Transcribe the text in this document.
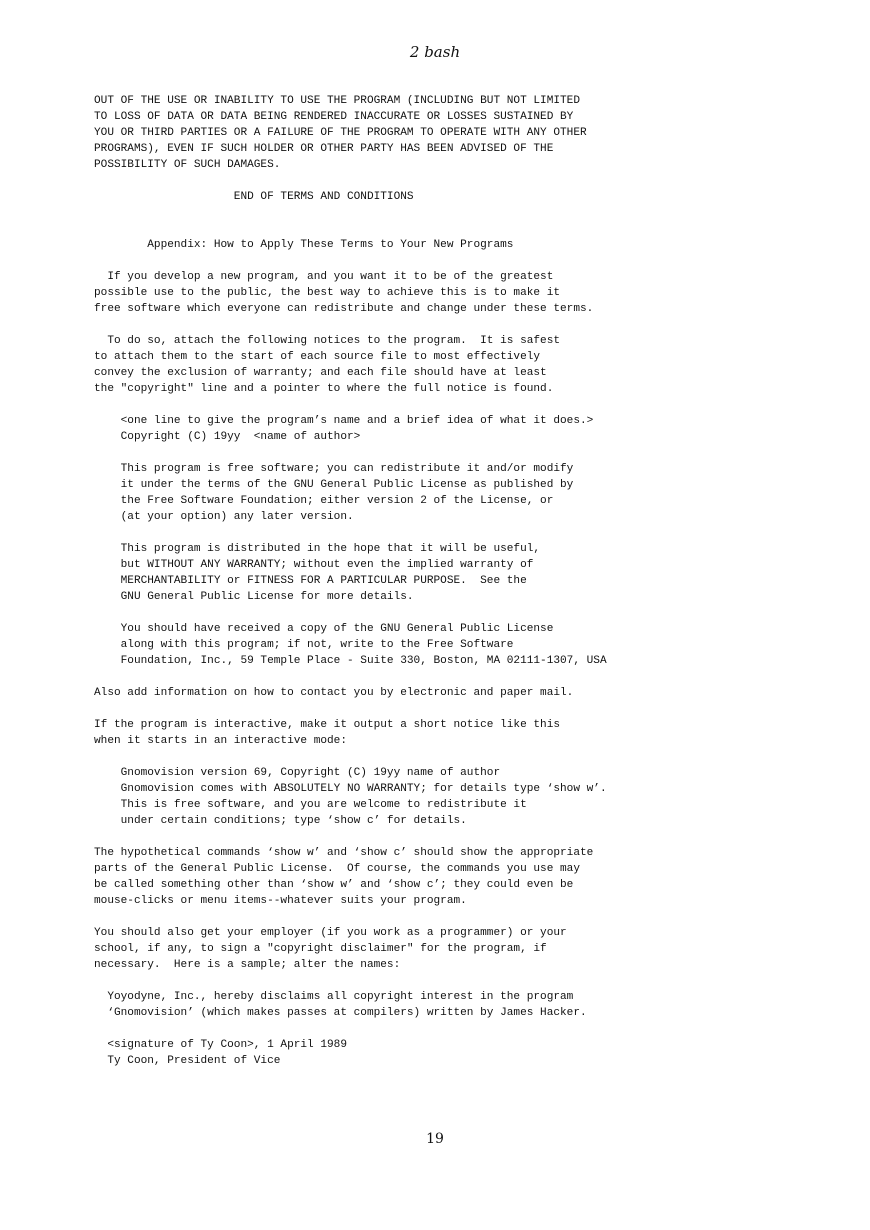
2 bash
OUT OF THE USE OR INABILITY TO USE THE PROGRAM (INCLUDING BUT NOT LIMITED
TO LOSS OF DATA OR DATA BEING RENDERED INACCURATE OR LOSSES SUSTAINED BY
YOU OR THIRD PARTIES OR A FAILURE OF THE PROGRAM TO OPERATE WITH ANY OTHER
PROGRAMS), EVEN IF SUCH HOLDER OR OTHER PARTY HAS BEEN ADVISED OF THE
POSSIBILITY OF SUCH DAMAGES.
END OF TERMS AND CONDITIONS
Appendix: How to Apply These Terms to Your New Programs
If you develop a new program, and you want it to be of the greatest
possible use to the public, the best way to achieve this is to make it
free software which everyone can redistribute and change under these terms.
To do so, attach the following notices to the program.  It is safest
to attach them to the start of each source file to most effectively
convey the exclusion of warranty; and each file should have at least
the "copyright" line and a pointer to where the full notice is found.
<one line to give the program’s name and a brief idea of what it does.>
Copyright (C) 19yy  <name of author>
This program is free software; you can redistribute it and/or modify
it under the terms of the GNU General Public License as published by
the Free Software Foundation; either version 2 of the License, or
(at your option) any later version.
This program is distributed in the hope that it will be useful,
but WITHOUT ANY WARRANTY; without even the implied warranty of
MERCHANTABILITY or FITNESS FOR A PARTICULAR PURPOSE.  See the
GNU General Public License for more details.
You should have received a copy of the GNU General Public License
along with this program; if not, write to the Free Software
Foundation, Inc., 59 Temple Place - Suite 330, Boston, MA 02111-1307, USA
Also add information on how to contact you by electronic and paper mail.
If the program is interactive, make it output a short notice like this
when it starts in an interactive mode:
Gnomovision version 69, Copyright (C) 19yy name of author
Gnomovision comes with ABSOLUTELY NO WARRANTY; for details type ‘show w’.
This is free software, and you are welcome to redistribute it
under certain conditions; type ‘show c’ for details.
The hypothetical commands ‘show w’ and ‘show c’ should show the appropriate
parts of the General Public License.  Of course, the commands you use may
be called something other than ‘show w’ and ‘show c’; they could even be
mouse-clicks or menu items--whatever suits your program.
You should also get your employer (if you work as a programmer) or your
school, if any, to sign a "copyright disclaimer" for the program, if
necessary.  Here is a sample; alter the names:
Yoyodyne, Inc., hereby disclaims all copyright interest in the program
‘Gnomovision’ (which makes passes at compilers) written by James Hacker.
<signature of Ty Coon>, 1 April 1989
Ty Coon, President of Vice
19
